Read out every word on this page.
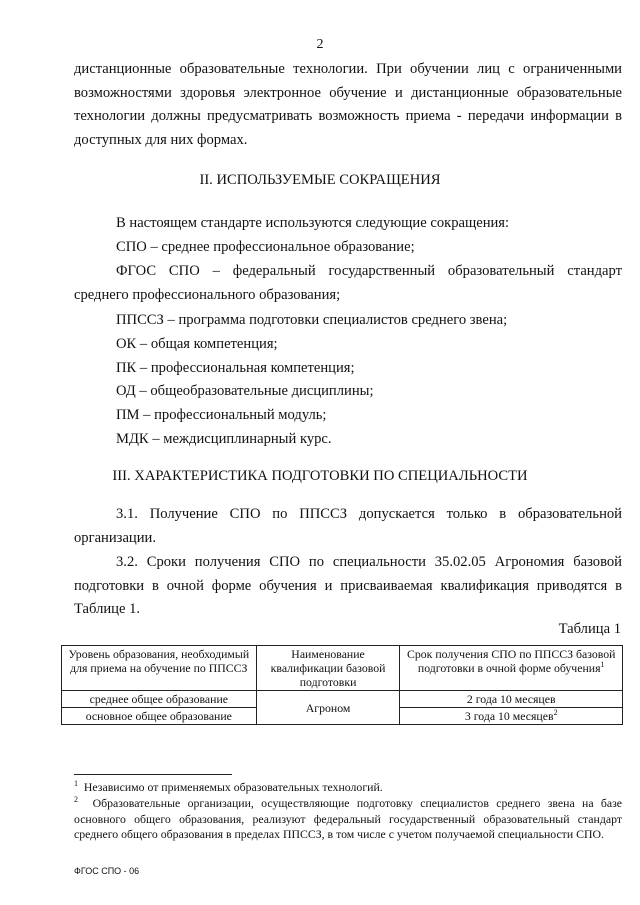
2

дистанционные образовательные технологии. При обучении лиц с ограниченными
возможностями здоровья электронное обучение и дистанционные образовательные
технологии должны предусматривать возможность приема - передачи информации в
доступных для них формах.

II. ИСПОЛЬЗУЕМЫЕ СОКРАЩЕНИЯ

В настоящем стандарте используются следующие сокращения:

СПО – среднее профессиональное образование;

ФГОС СПО – федеральный государственный образовательный стандарт
среднего профессионального образования;

ППССЗ – программа подготовки специалистов среднего звена;

ОК – общая компетенция;

ПК – профессиональная компетенция;

ОД – общеобразовательные дисциплины;

ПМ – профессиональный модуль;

МДК – междисциплинарный курс.

III. ХАРАКТЕРИСТИКА ПОДГОТОВКИ ПО СПЕЦИАЛЬНОСТИ

3.1. Получение СПО по ППССЗ допускается только в образовательной
организации.

3.2. Сроки получения СПО по специальности 35.02.05 Агрономия базовой
подготовки в очной форме обучения и присваиваемая квалификация приводятся в
Таблице 1.

Таблица 1
Уровень образования, необходимый для приема на обучение по ППССЗ	Наименование квалификации базовой подготовки	Срок получения СПО по ППССЗ базовой подготовки в очной форме обучения$^1$
среднее общее образование	Агроном	2 года 10 месяцев
основное общее образование		3 года 10 месяцев$^2$

$^1$ Независимо от применяемых образовательных технологий.

$^2$ Образовательные организации, осуществляющие подготовку специалистов среднего звена на базе основного общего образования, реализуют федеральный государственный образовательный стандарт среднего общего образования в пределах ППССЗ, в том числе с учетом получаемой специальности СПО.

ФГОС СПО - 06
